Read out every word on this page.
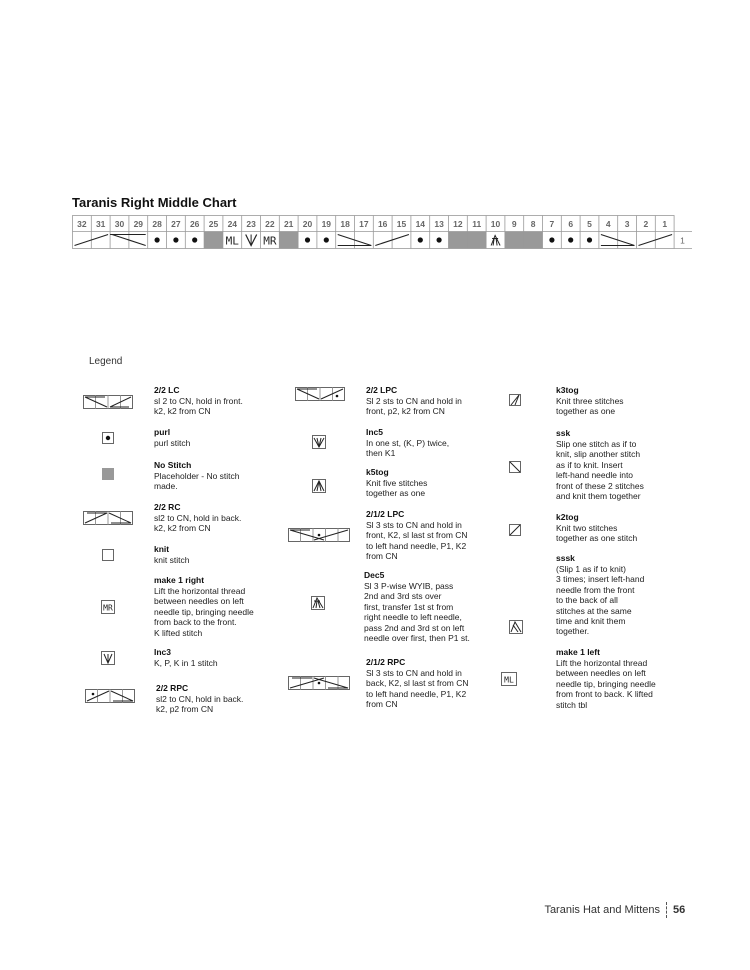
Taranis Right Middle Chart
ML MR
32 31 30 29 28 27 26 25 24 23 22 21 20 19 18 17 16 15 14 13 12 11 10 9 8 7 6 5 4 3 2 1
1
Legend
2/2 LC
sl 2 to CN, hold in front.
k2, k2 from CN
purl
purl stitch
No Stitch
Placeholder - No stitch
made.
2/2 RC
sl2 to CN, hold in back.
k2, k2 from CN
knit
knit stitch
make 1 right
Lift the horizontal thread
between needles on left
needle tip, bringing needle
from back to the front.
K lifted stitch
Inc3
K, P, K in 1 stitch
2/2 RPC
sl2 to CN, hold in back.
k2, p2 from CN
2/2 LPC
Sl 2 sts to CN and hold in
front, p2, k2 from CN
Inc5
In one st, (K, P) twice,
then K1
k5tog
Knit five stitches
together as one
2/1/2 LPC
Sl 3 sts to CN and hold in
front, K2, sl last st from CN
to left hand needle, P1, K2
from CN
Dec5
Sl 3 P-wise WYIB, pass
2nd and 3rd sts over
first, transfer 1st st from
right needle to left needle,
pass 2nd and 3rd st on left
needle over first, then P1 st.
2/1/2 RPC
Sl 3 sts to CN and hold in
back, K2, sl last st from CN
to left hand needle, P1, K2
from CN
k3tog
Knit three stitches
together as one
ssk
Slip one stitch as if to
knit, slip another stitch
as if to knit. Insert
left-hand needle into
front of these 2 stitches
and knit them together
k2tog
Knit two stitches
together as one stitch
sssk
(Slip 1 as if to knit)
3 times; insert left-hand
needle from the front
to the back of all
stitches at the same
time and knit them
together.
make 1 left
Lift the horizontal thread
between needles on left
needle tip, bringing needle
from front to back. K lifted
stitch tbl
MR
ML
Taranis Hat and Mittens 56
